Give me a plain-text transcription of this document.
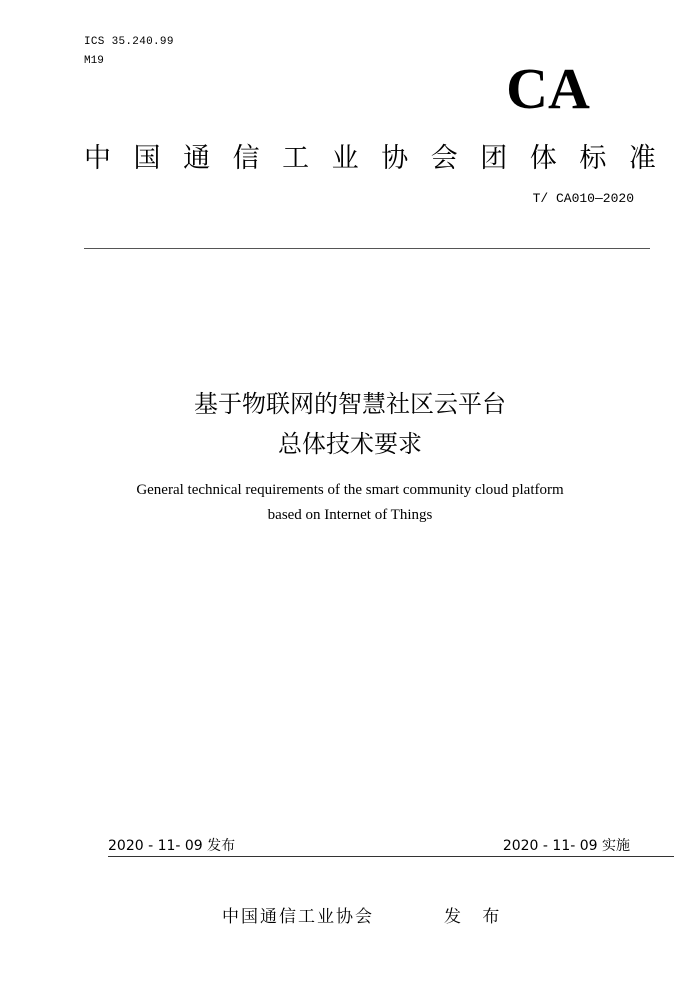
ICS 35.240.99
M19	CA
中 国 通 信 工 业 协 会 团 体 标 准
T/ CA010—2020
基于物联网的智慧社区云平台
总体技术要求
General technical requirements of the smart community cloud platform
based on Internet of Things
2020 - 11- 09 发布	2020 - 11- 09 实施
中国通信工业协会	发 布
